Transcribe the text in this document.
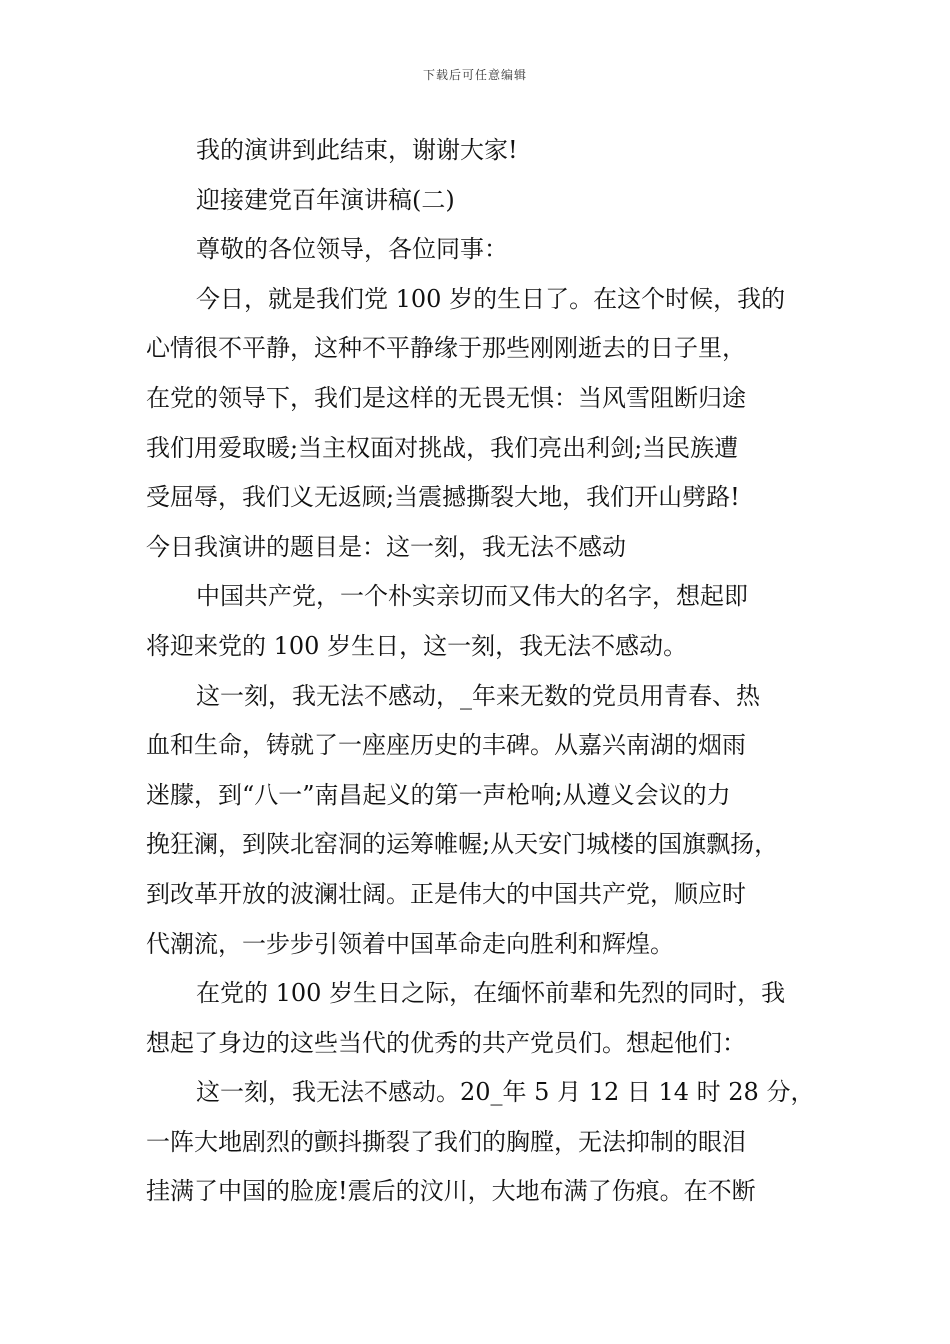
下载后可任意编辑
我的演讲到此结束，谢谢大家!
迎接建党百年演讲稿(二)
尊敬的各位领导，各位同事：
今日，就是我们党 100 岁的生日了。在这个时候，我的
心情很不平静，这种不平静缘于那些刚刚逝去的日子里，
在党的领导下，我们是这样的无畏无惧：当风雪阻断归途
我们用爱取暖;当主权面对挑战，我们亮出利剑;当民族遭
受屈辱，我们义无返顾;当震撼撕裂大地，我们开山劈路!
今日我演讲的题目是：这一刻，我无法不感动
中国共产党，一个朴实亲切而又伟大的名字，想起即
将迎来党的 100 岁生日，这一刻，我无法不感动。
这一刻，我无法不感动，_年来无数的党员用青春、热
血和生命，铸就了一座座历史的丰碑。从嘉兴南湖的烟雨
迷朦，到“八一”南昌起义的第一声枪响;从遵义会议的力
挽狂澜，到陕北窑洞的运筹帷幄;从天安门城楼的国旗飘扬，
到改革开放的波澜壮阔。正是伟大的中国共产党，顺应时
代潮流，一步步引领着中国革命走向胜利和辉煌。
在党的 100 岁生日之际，在缅怀前辈和先烈的同时，我
想起了身边的这些当代的优秀的共产党员们。想起他们：
这一刻，我无法不感动。20_年 5 月 12 日 14 时 28 分，
一阵大地剧烈的颤抖撕裂了我们的胸膛，无法抑制的眼泪
挂满了中国的脸庞!震后的汶川，大地布满了伤痕。在不断
